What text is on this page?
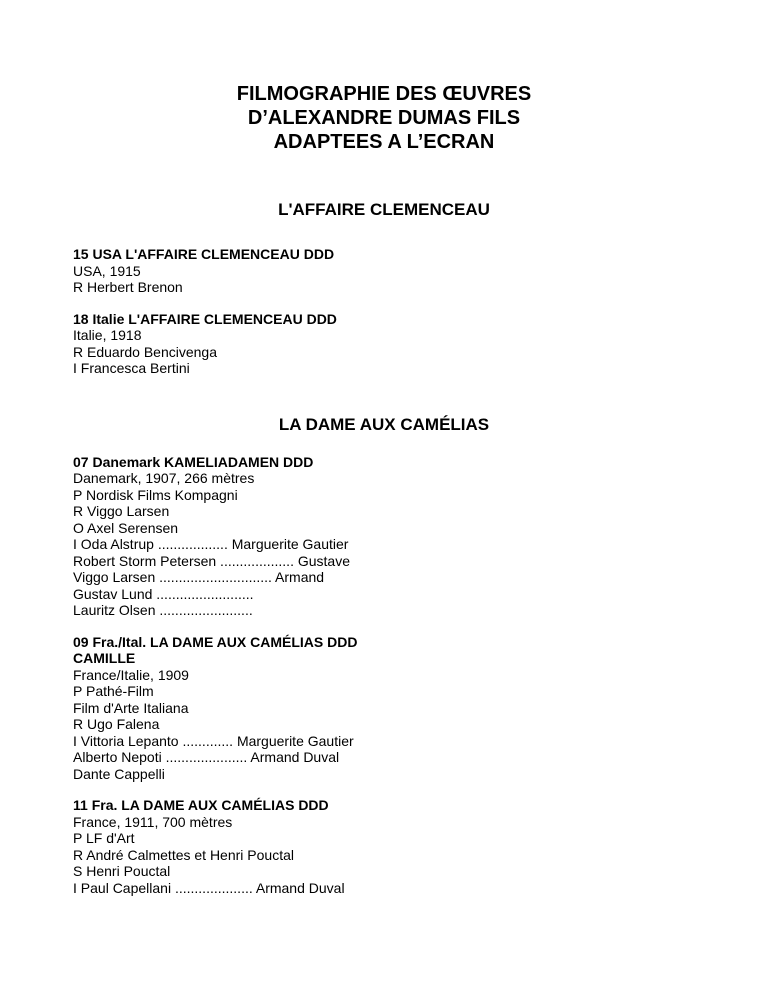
FILMOGRAPHIE DES ŒUVRES
D’ALEXANDRE DUMAS FILS
ADAPTEES A L’ECRAN
L'AFFAIRE CLEMENCEAU
15 USA L'AFFAIRE CLEMENCEAU DDD
USA, 1915
R Herbert Brenon
18 Italie L'AFFAIRE CLEMENCEAU DDD
Italie, 1918
R Eduardo Bencivenga
I Francesca Bertini
LA DAME AUX CAMÉLIAS
07 Danemark KAMELIADAMEN DDD
Danemark, 1907, 266 mètres
P Nordisk Films Kompagni
R Viggo Larsen
O Axel Serensen
I Oda Alstrup .................. Marguerite Gautier
Robert Storm Petersen ................... Gustave
Viggo Larsen ............................. Armand
Gustav Lund .........................
Lauritz Olsen ........................
09 Fra./Ital. LA DAME AUX CAMÉLIAS DDD
CAMILLE
France/Italie, 1909
P Pathé-Film
Film d'Arte Italiana
R Ugo Falena
I Vittoria Lepanto ............. Marguerite Gautier
Alberto Nepoti ..................... Armand Duval
Dante Cappelli
11 Fra. LA DAME AUX CAMÉLIAS DDD
France, 1911, 700 mètres
P LF d'Art
R André Calmettes et Henri Pouctal
S Henri Pouctal
I Paul Capellani .................... Armand Duval
